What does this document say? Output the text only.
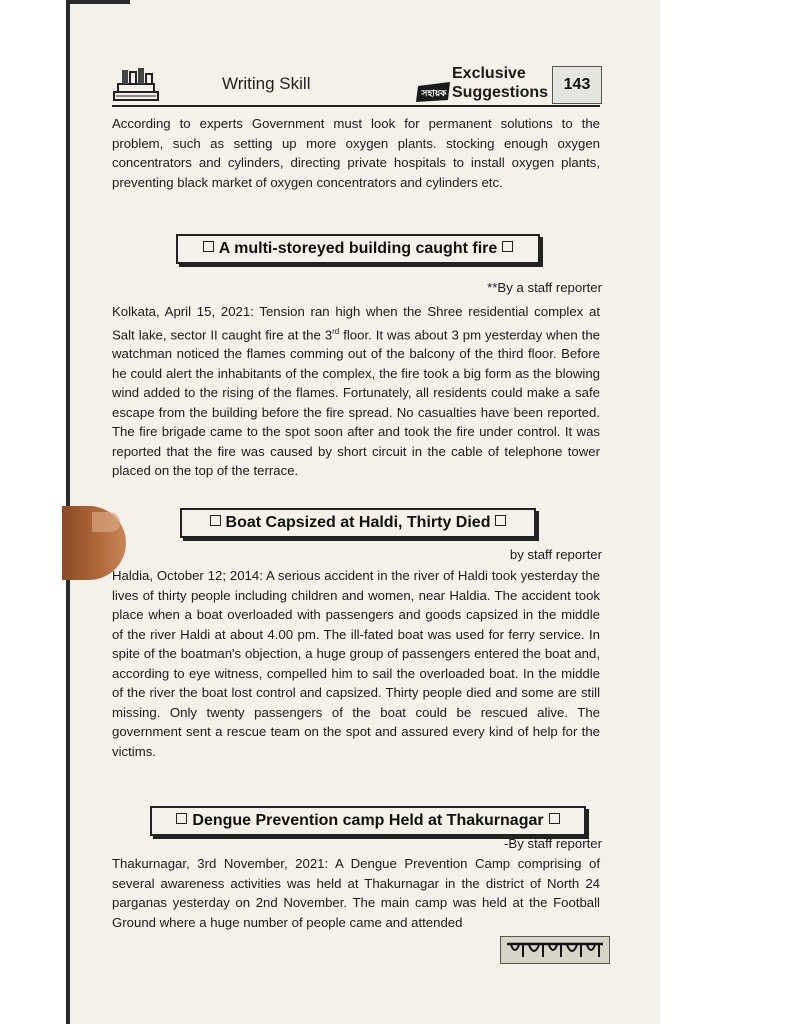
Writing Skill
সহায়ক
Exclusive
Suggestions 143

According to experts Government must look for permanent solutions to the problem, such as setting up more oxygen plants. stocking enough oxygen concentrators and cylinders, directing private hospitals to install oxygen plants, preventing black market of oxygen concentrators and cylinders etc.

A multi-storeyed building caught fire
**By a staff reporter

Kolkata, April 15, 2021: Tension ran high when the Shree residential complex at Salt lake, sector II caught fire at the 3rd floor. It was about 3 pm yesterday when the watchman noticed the flames comming out of the balcony of the third floor. Before he could alert the inhabitants of the complex, the fire took a big form as the blowing wind added to the rising of the flames. Fortunately, all residents could make a safe escape from the building before the fire spread. No casualties have been reported. The fire brigade came to the spot soon after and took the fire under control. It was reported that the fire was caused by short circuit in the cable of telephone tower placed on the top of the terrace.

Boat Capsized at Haldi, Thirty Died
by staff reporter

Haldia, October 12; 2014: A serious accident in the river of Haldi took yesterday the lives of thirty people including children and women, near Haldia. The accident took place when a boat overloaded with passengers and goods capsized in the middle of the river Haldi at about 4.00 pm. The ill-fated boat was used for ferry service. In spite of the boatman's objection, a huge group of passengers entered the boat and, according to eye witness, compelled him to sail the overloaded boat. In the middle of the river the boat lost control and capsized. Thirty people died and some are still missing. Only twenty passengers of the boat could be rescued alive. The government sent a rescue team on the spot and assured every kind of help for the victims.

Dengue Prevention camp Held at Thakurnagar
-By staff reporter

Thakurnagar, 3rd November, 2021: A Dengue Prevention Camp comprising of several awareness activities was held at Thakurnagar in the district of North 24 parganas yesterday on 2nd November. The main camp was held at the Football Ground where a huge number of people came and attended
